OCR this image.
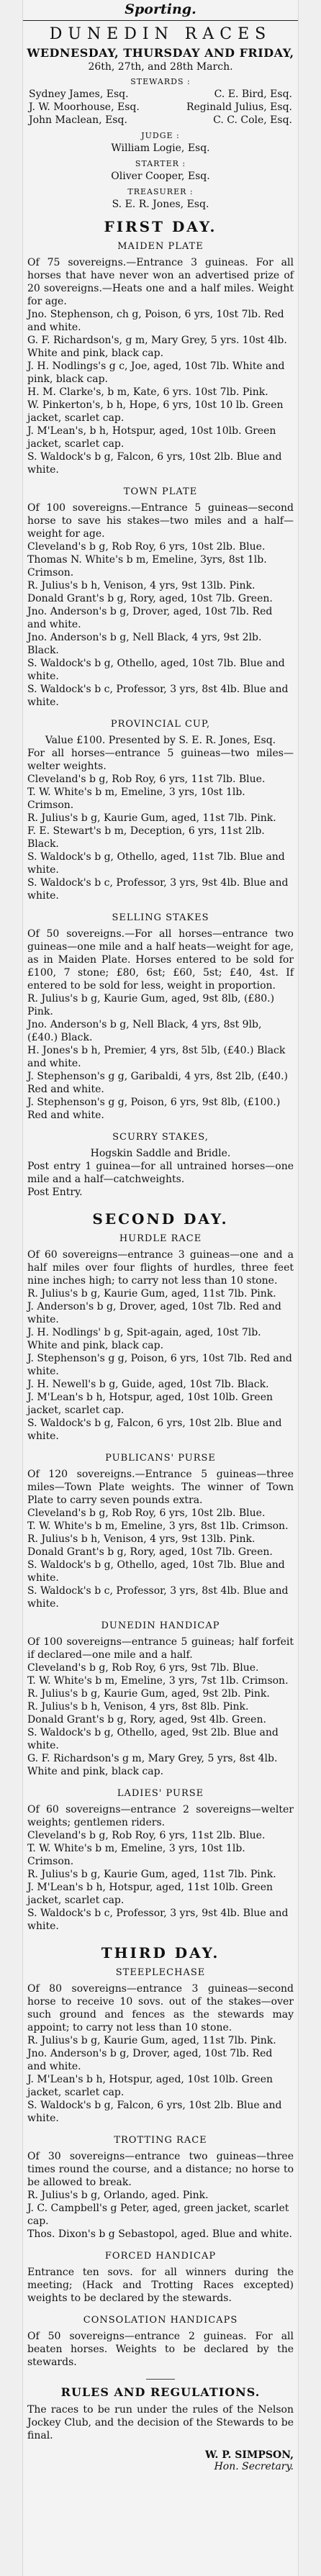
Sporting.
DUNEDIN RACES
WEDNESDAY, THURSDAY AND FRIDAY,
26th, 27th, and 28th March.
STEWARDS :
Sydney James, Esq.	C. E. Bird, Esq.
J. W. Moorhouse, Esq.	Reginald Julius, Esq.
John Maclean, Esq.	C. C. Cole, Esq.
JUDGE :
William Logie, Esq.
STARTER :
Oliver Cooper, Esq.
TREASURER :
S. E. R. Jones, Esq.
FIRST DAY.
MAIDEN PLATE
Of 75 sovereigns.—Entrance 3 guineas. For all horses that have never won an advertised prize of 20 sovereigns.—Heats one and a half miles. Weight for age.
Jno. Stephenson, ch g, Poison, 6 yrs, 10st 7lb. Red and white.
G. F. Richardson's, g m, Mary Grey, 5 yrs. 10st 4lb. White and pink, black cap.
J. H. Nodlings's g c, Joe, aged, 10st 7lb. White and pink, black cap.
H. M. Clarke's, b m, Kate, 6 yrs. 10st 7lb. Pink.
W. Pinkerton's, b h, Hope, 6 yrs, 10st 10 lb. Green jacket, scarlet cap.
J. M'Lean's, b h, Hotspur, aged, 10st 10lb. Green jacket, scarlet cap.
S. Waldock's b g, Falcon, 6 yrs, 10st 2lb. Blue and white.
TOWN PLATE
Of 100 sovereigns.—Entrance 5 guineas—second horse to save his stakes—two miles and a half—weight for age.
Cleveland's b g, Rob Roy, 6 yrs, 10st 2lb. Blue.
Thomas N. White's b m, Emeline, 3yrs, 8st 1lb. Crimson.
R. Julius's b h, Venison, 4 yrs, 9st 13lb. Pink.
Donald Grant's b g, Rory, aged, 10st 7lb. Green.
Jno. Anderson's b g, Drover, aged, 10st 7lb. Red and white.
Jno. Anderson's b g, Nell Black, 4 yrs, 9st 2lb. Black.
S. Waldock's b g, Othello, aged, 10st 7lb. Blue and white.
S. Waldock's b c, Professor, 3 yrs, 8st 4lb. Blue and white.
PROVINCIAL CUP,
Value £100. Presented by S. E. R. Jones, Esq.
For all horses—entrance 5 guineas—two miles—welter weights.
Cleveland's b g, Rob Roy, 6 yrs, 11st 7lb. Blue.
T. W. White's b m, Emeline, 3 yrs, 10st 1lb. Crimson.
R. Julius's b g, Kaurie Gum, aged, 11st 7lb. Pink.
F. E. Stewart's b m, Deception, 6 yrs, 11st 2lb. Black.
S. Waldock's b g, Othello, aged, 11st 7lb. Blue and white.
S. Waldock's b c, Professor, 3 yrs, 9st 4lb. Blue and white.
SELLING STAKES
Of 50 sovereigns.—For all horses—entrance two guineas—one mile and a half heats—weight for age, as in Maiden Plate. Horses entered to be sold for £100, 7 stone; £80, 6st; £60, 5st; £40, 4st. If entered to be sold for less, weight in proportion.
R. Julius's b g, Kaurie Gum, aged, 9st 8lb, (£80.) Pink.
Jno. Anderson's b g, Nell Black, 4 yrs, 8st 9lb, (£40.) Black.
H. Jones's b h, Premier, 4 yrs, 8st 5lb, (£40.) Black and white.
J. Stephenson's g g, Garibaldi, 4 yrs, 8st 2lb, (£40.) Red and white.
J. Stephenson's g g, Poison, 6 yrs, 9st 8lb, (£100.) Red and white.
SCURRY STAKES,
Hogskin Saddle and Bridle.
Post entry 1 guinea—for all untrained horses—one mile and a half—catchweights.
Post Entry.
SECOND DAY.
HURDLE RACE
Of 60 sovereigns—entrance 3 guineas—one and a half miles over four flights of hurdles, three feet nine inches high; to carry not less than 10 stone.
R. Julius's b g, Kaurie Gum, aged, 11st 7lb. Pink.
J. Anderson's b g, Drover, aged, 10st 7lb. Red and white.
J. H. Nodlings' b g, Spit-again, aged, 10st 7lb. White and pink, black cap.
J. Stephenson's g g, Poison, 6 yrs, 10st 7lb. Red and white.
J. H. Newell's b g, Guide, aged, 10st 7lb. Black.
J. M'Lean's b h, Hotspur, aged, 10st 10lb. Green jacket, scarlet cap.
S. Waldock's b g, Falcon, 6 yrs, 10st 2lb. Blue and white.
PUBLICANS' PURSE
Of 120 sovereigns.—Entrance 5 guineas—three miles—Town Plate weights. The winner of Town Plate to carry seven pounds extra.
Cleveland's b g, Rob Roy, 6 yrs, 10st 2lb. Blue.
T. W. White's b m, Emeline, 3 yrs, 8st 1lb. Crimson.
R. Julius's b h, Venison, 4 yrs, 9st 13lb. Pink.
Donald Grant's b g, Rory, aged, 10st 7lb. Green.
S. Waldock's b g, Othello, aged, 10st 7lb. Blue and white.
S. Waldock's b c, Professor, 3 yrs, 8st 4lb. Blue and white.
DUNEDIN HANDICAP
Of 100 sovereigns—entrance 5 guineas; half forfeit if declared—one mile and a half.
Cleveland's b g, Rob Roy, 6 yrs, 9st 7lb. Blue.
T. W. White's b m, Emeline, 3 yrs, 7st 1lb. Crimson.
R. Julius's b g, Kaurie Gum, aged, 9st 2lb. Pink.
R. Julius's b h, Venison, 4 yrs, 8st 8lb. Pink.
Donald Grant's b g, Rory, aged, 9st 4lb. Green.
S. Waldock's b g, Othello, aged, 9st 2lb. Blue and white.
G. F. Richardson's g m, Mary Grey, 5 yrs, 8st 4lb. White and pink, black cap.
LADIES' PURSE
Of 60 sovereigns—entrance 2 sovereigns—welter weights; gentlemen riders.
Cleveland's b g, Rob Roy, 6 yrs, 11st 2lb. Blue.
T. W. White's b m, Emeline, 3 yrs, 10st 1lb. Crimson.
R. Julius's b g, Kaurie Gum, aged, 11st 7lb. Pink.
J. M'Lean's b h, Hotspur, aged, 11st 10lb. Green jacket, scarlet cap.
S. Waldock's b c, Professor, 3 yrs, 9st 4lb. Blue and white.
THIRD DAY.
STEEPLECHASE
Of 80 sovereigns—entrance 3 guineas—second horse to receive 10 sovs. out of the stakes—over such ground and fences as the stewards may appoint; to carry not less than 10 stone.
R. Julius's b g, Kaurie Gum, aged, 11st 7lb. Pink.
Jno. Anderson's b g, Drover, aged, 10st 7lb. Red and white.
J. M'Lean's b h, Hotspur, aged, 10st 10lb. Green jacket, scarlet cap.
S. Waldock's b g, Falcon, 6 yrs, 10st 2lb. Blue and white.
TROTTING RACE
Of 30 sovereigns—entrance two guineas—three times round the course, and a distance; no horse to be allowed to break.
R. Julius's b g, Orlando, aged. Pink.
J. C. Campbell's g Peter, aged, green jacket, scarlet cap.
Thos. Dixon's b g Sebastopol, aged. Blue and white.
FORCED HANDICAP
Entrance ten sovs. for all winners during the meeting; (Hack and Trotting Races excepted) weights to be declared by the stewards.
CONSOLATION HANDICAPS
Of 50 sovereigns—entrance 2 guineas. For all beaten horses. Weights to be declared by the stewards.
RULES AND REGULATIONS.
The races to be run under the rules of the Nelson Jockey Club, and the decision of the Stewards to be final.
W. P. SIMPSON,
Hon. Secretary.
